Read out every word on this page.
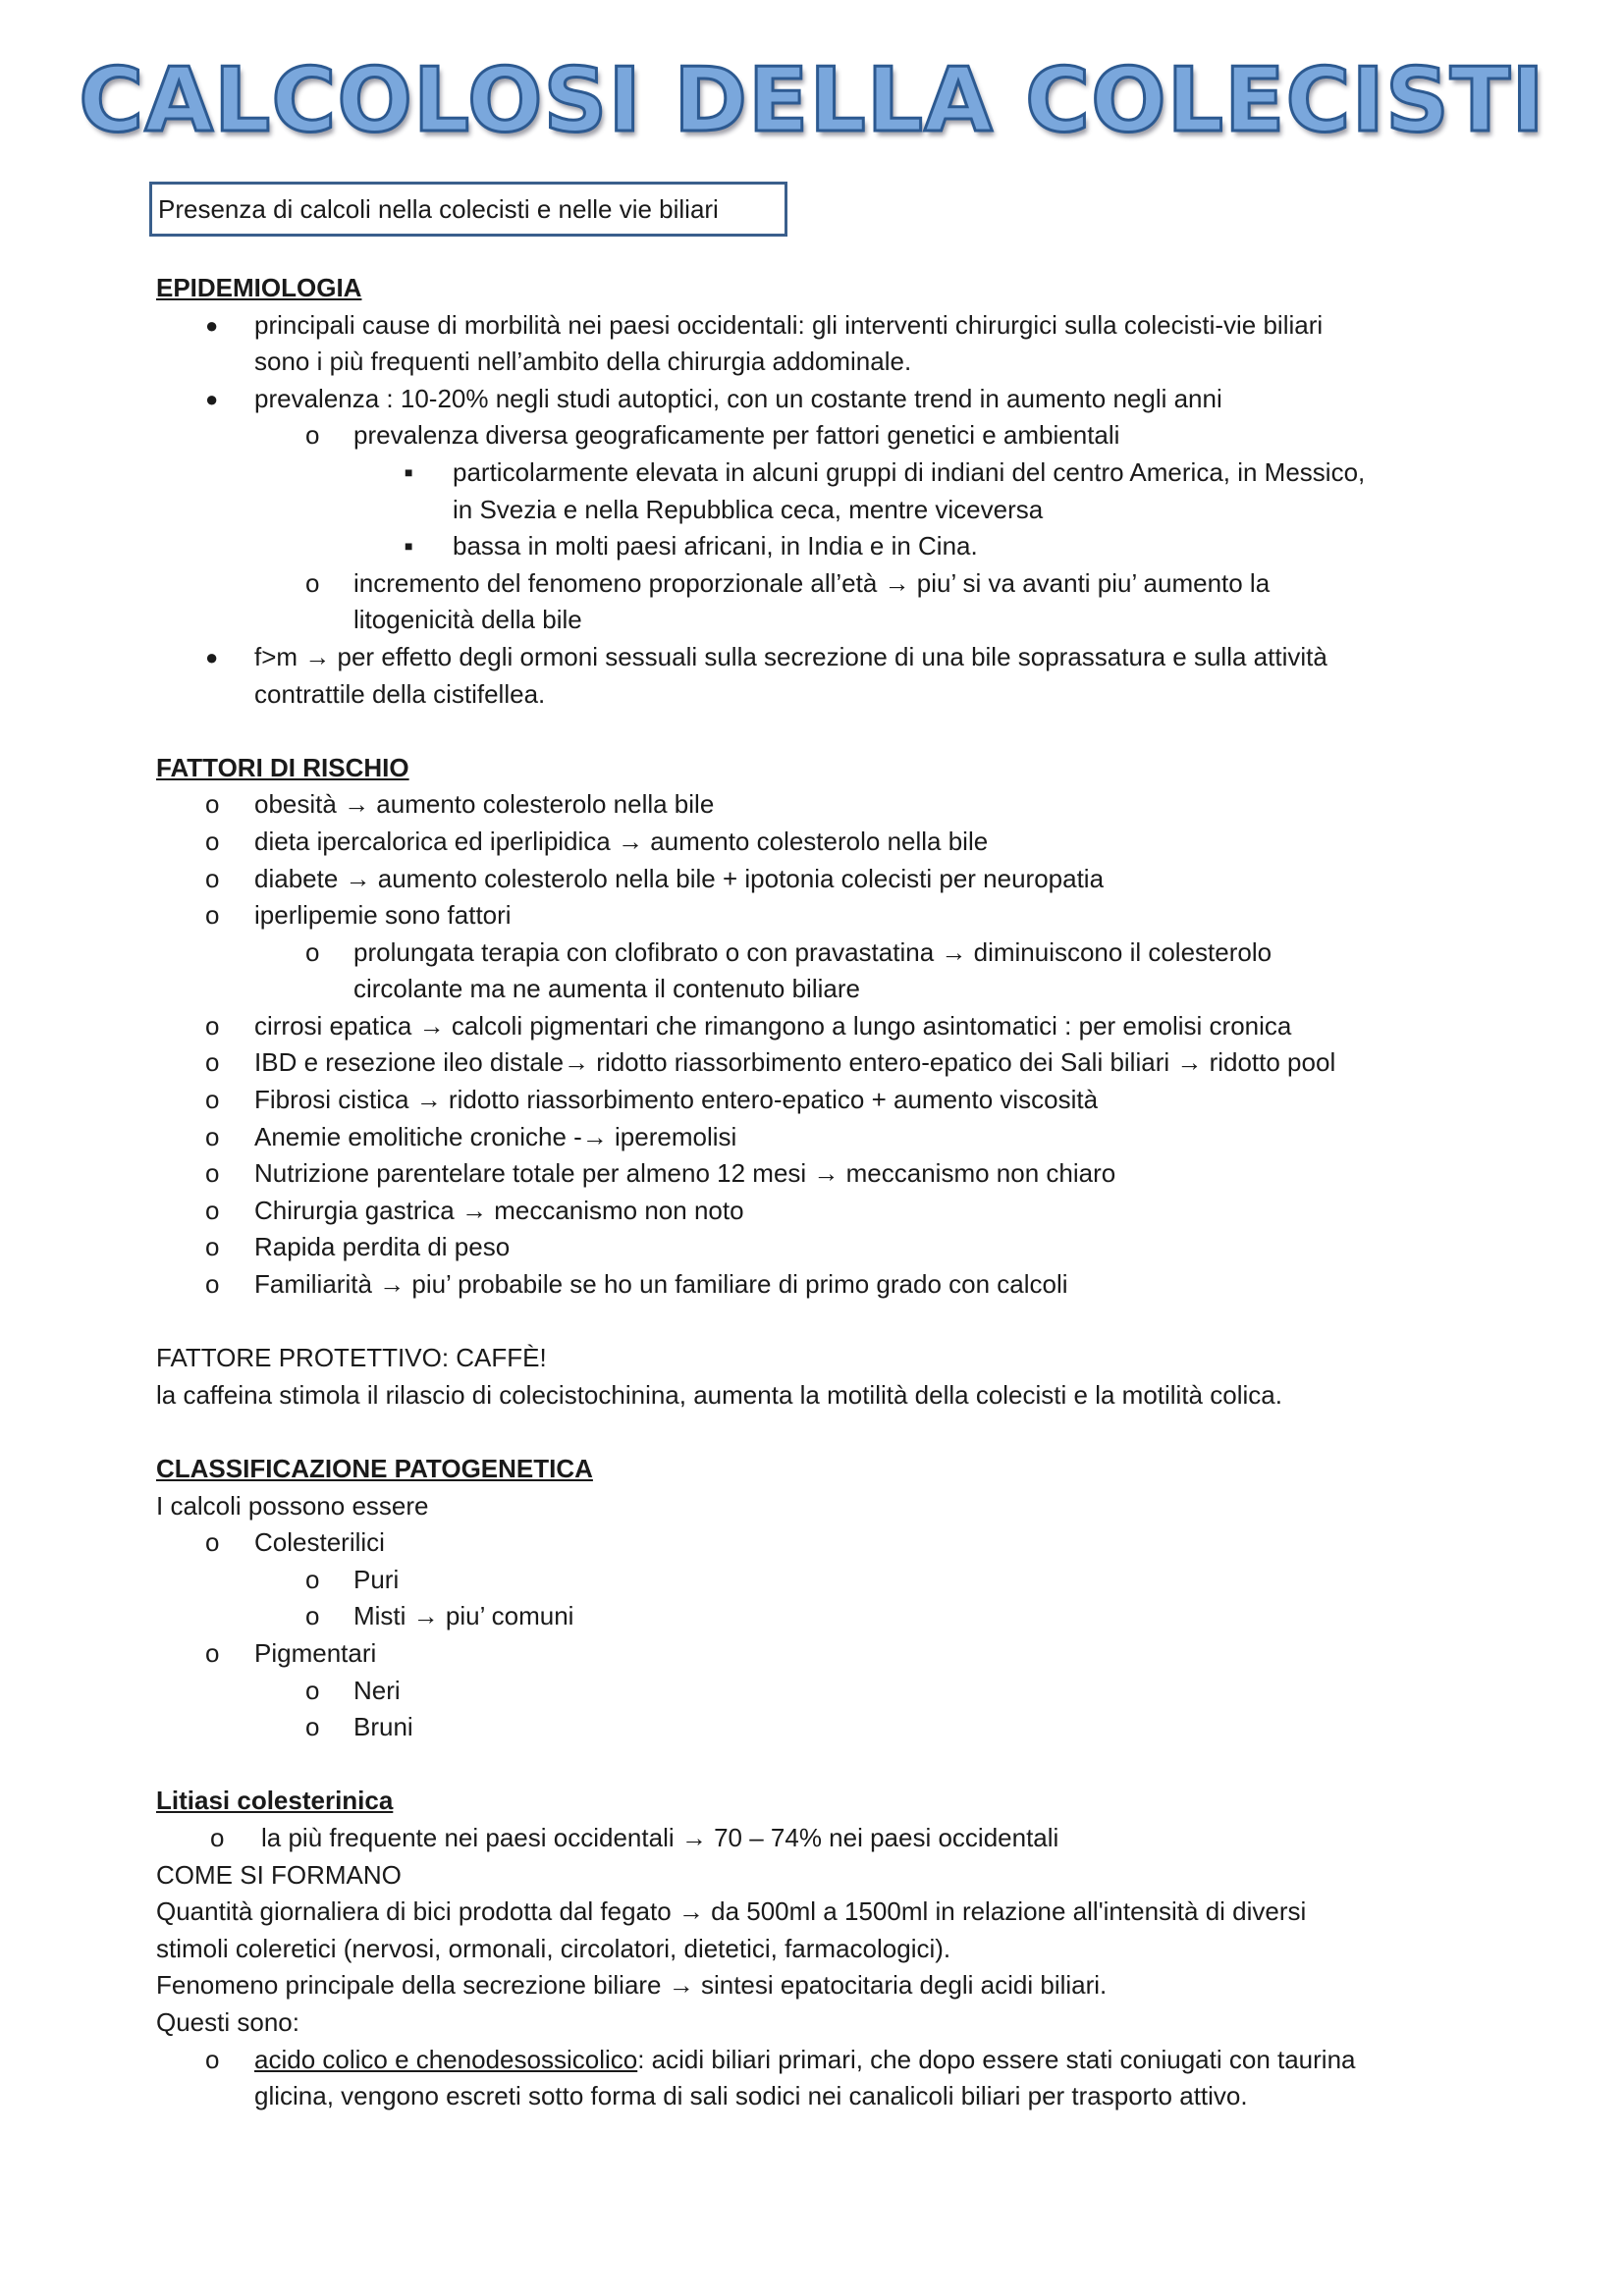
CALCOLOSI DELLA COLECISTI
Presenza di calcoli nella colecisti e nelle vie biliari
EPIDEMIOLOGIA
● principali cause di morbilità nei paesi occidentali: gli interventi chirurgici sulla colecisti-vie biliari
sono i più frequenti nell’ambito della chirurgia addominale.
● prevalenza : 10-20% negli studi autoptici, con un costante trend in aumento negli anni
o prevalenza diversa geograficamente per fattori genetici e ambientali
■ particolarmente elevata in alcuni gruppi di indiani del centro America, in Messico,
in Svezia e nella Repubblica ceca, mentre viceversa
■ bassa in molti paesi africani, in India e in Cina.
o incremento del fenomeno proporzionale all’età → piu’ si va avanti piu’ aumento la
litogenicità della bile
● f>m → per effetto degli ormoni sessuali sulla secrezione di una bile soprassatura e sulla attività
contrattile della cistifellea.
FATTORI DI RISCHIO
o obesità → aumento colesterolo nella bile
o dieta ipercalorica ed iperlipidica → aumento colesterolo nella bile
o diabete → aumento colesterolo nella bile + ipotonia colecisti per neuropatia
o iperlipemie sono fattori
o prolungata terapia con clofibrato o con pravastatina → diminuiscono il colesterolo
circolante ma ne aumenta il contenuto biliare
o cirrosi epatica → calcoli pigmentari che rimangono a lungo asintomatici : per emolisi cronica
o IBD e resezione ileo distale→ ridotto riassorbimento entero-epatico dei Sali biliari → ridotto pool
o Fibrosi cistica → ridotto riassorbimento entero-epatico + aumento viscosità
o Anemie emolitiche croniche -→ iperemolisi
o Nutrizione parentelare totale per almeno 12 mesi → meccanismo non chiaro
o Chirurgia gastrica → meccanismo non noto
o Rapida perdita di peso
o Familiarità → piu’ probabile se ho un familiare di primo grado con calcoli
FATTORE PROTETTIVO: CAFFÈ!
la caffeina stimola il rilascio di colecistochinina, aumenta la motilità della colecisti e la motilità colica.
CLASSIFICAZIONE PATOGENETICA
I calcoli possono essere
o Colesterilici
o Puri
o Misti → piu’ comuni
o Pigmentari
o Neri
o Bruni
Litiasi colesterinica
o la più frequente nei paesi occidentali → 70 – 74% nei paesi occidentali
COME SI FORMANO
Quantità giornaliera di bici prodotta dal fegato → da 500ml a 1500ml in relazione all'intensità di diversi
stimoli coleretici (nervosi, ormonali, circolatori, dietetici, farmacologici).
Fenomeno principale della secrezione biliare → sintesi epatocitaria degli acidi biliari.
Questi sono:
o acido colico e chenodesossicolico: acidi biliari primari, che dopo essere stati coniugati con taurina
glicina, vengono escreti sotto forma di sali sodici nei canalicoli biliari per trasporto attivo.
